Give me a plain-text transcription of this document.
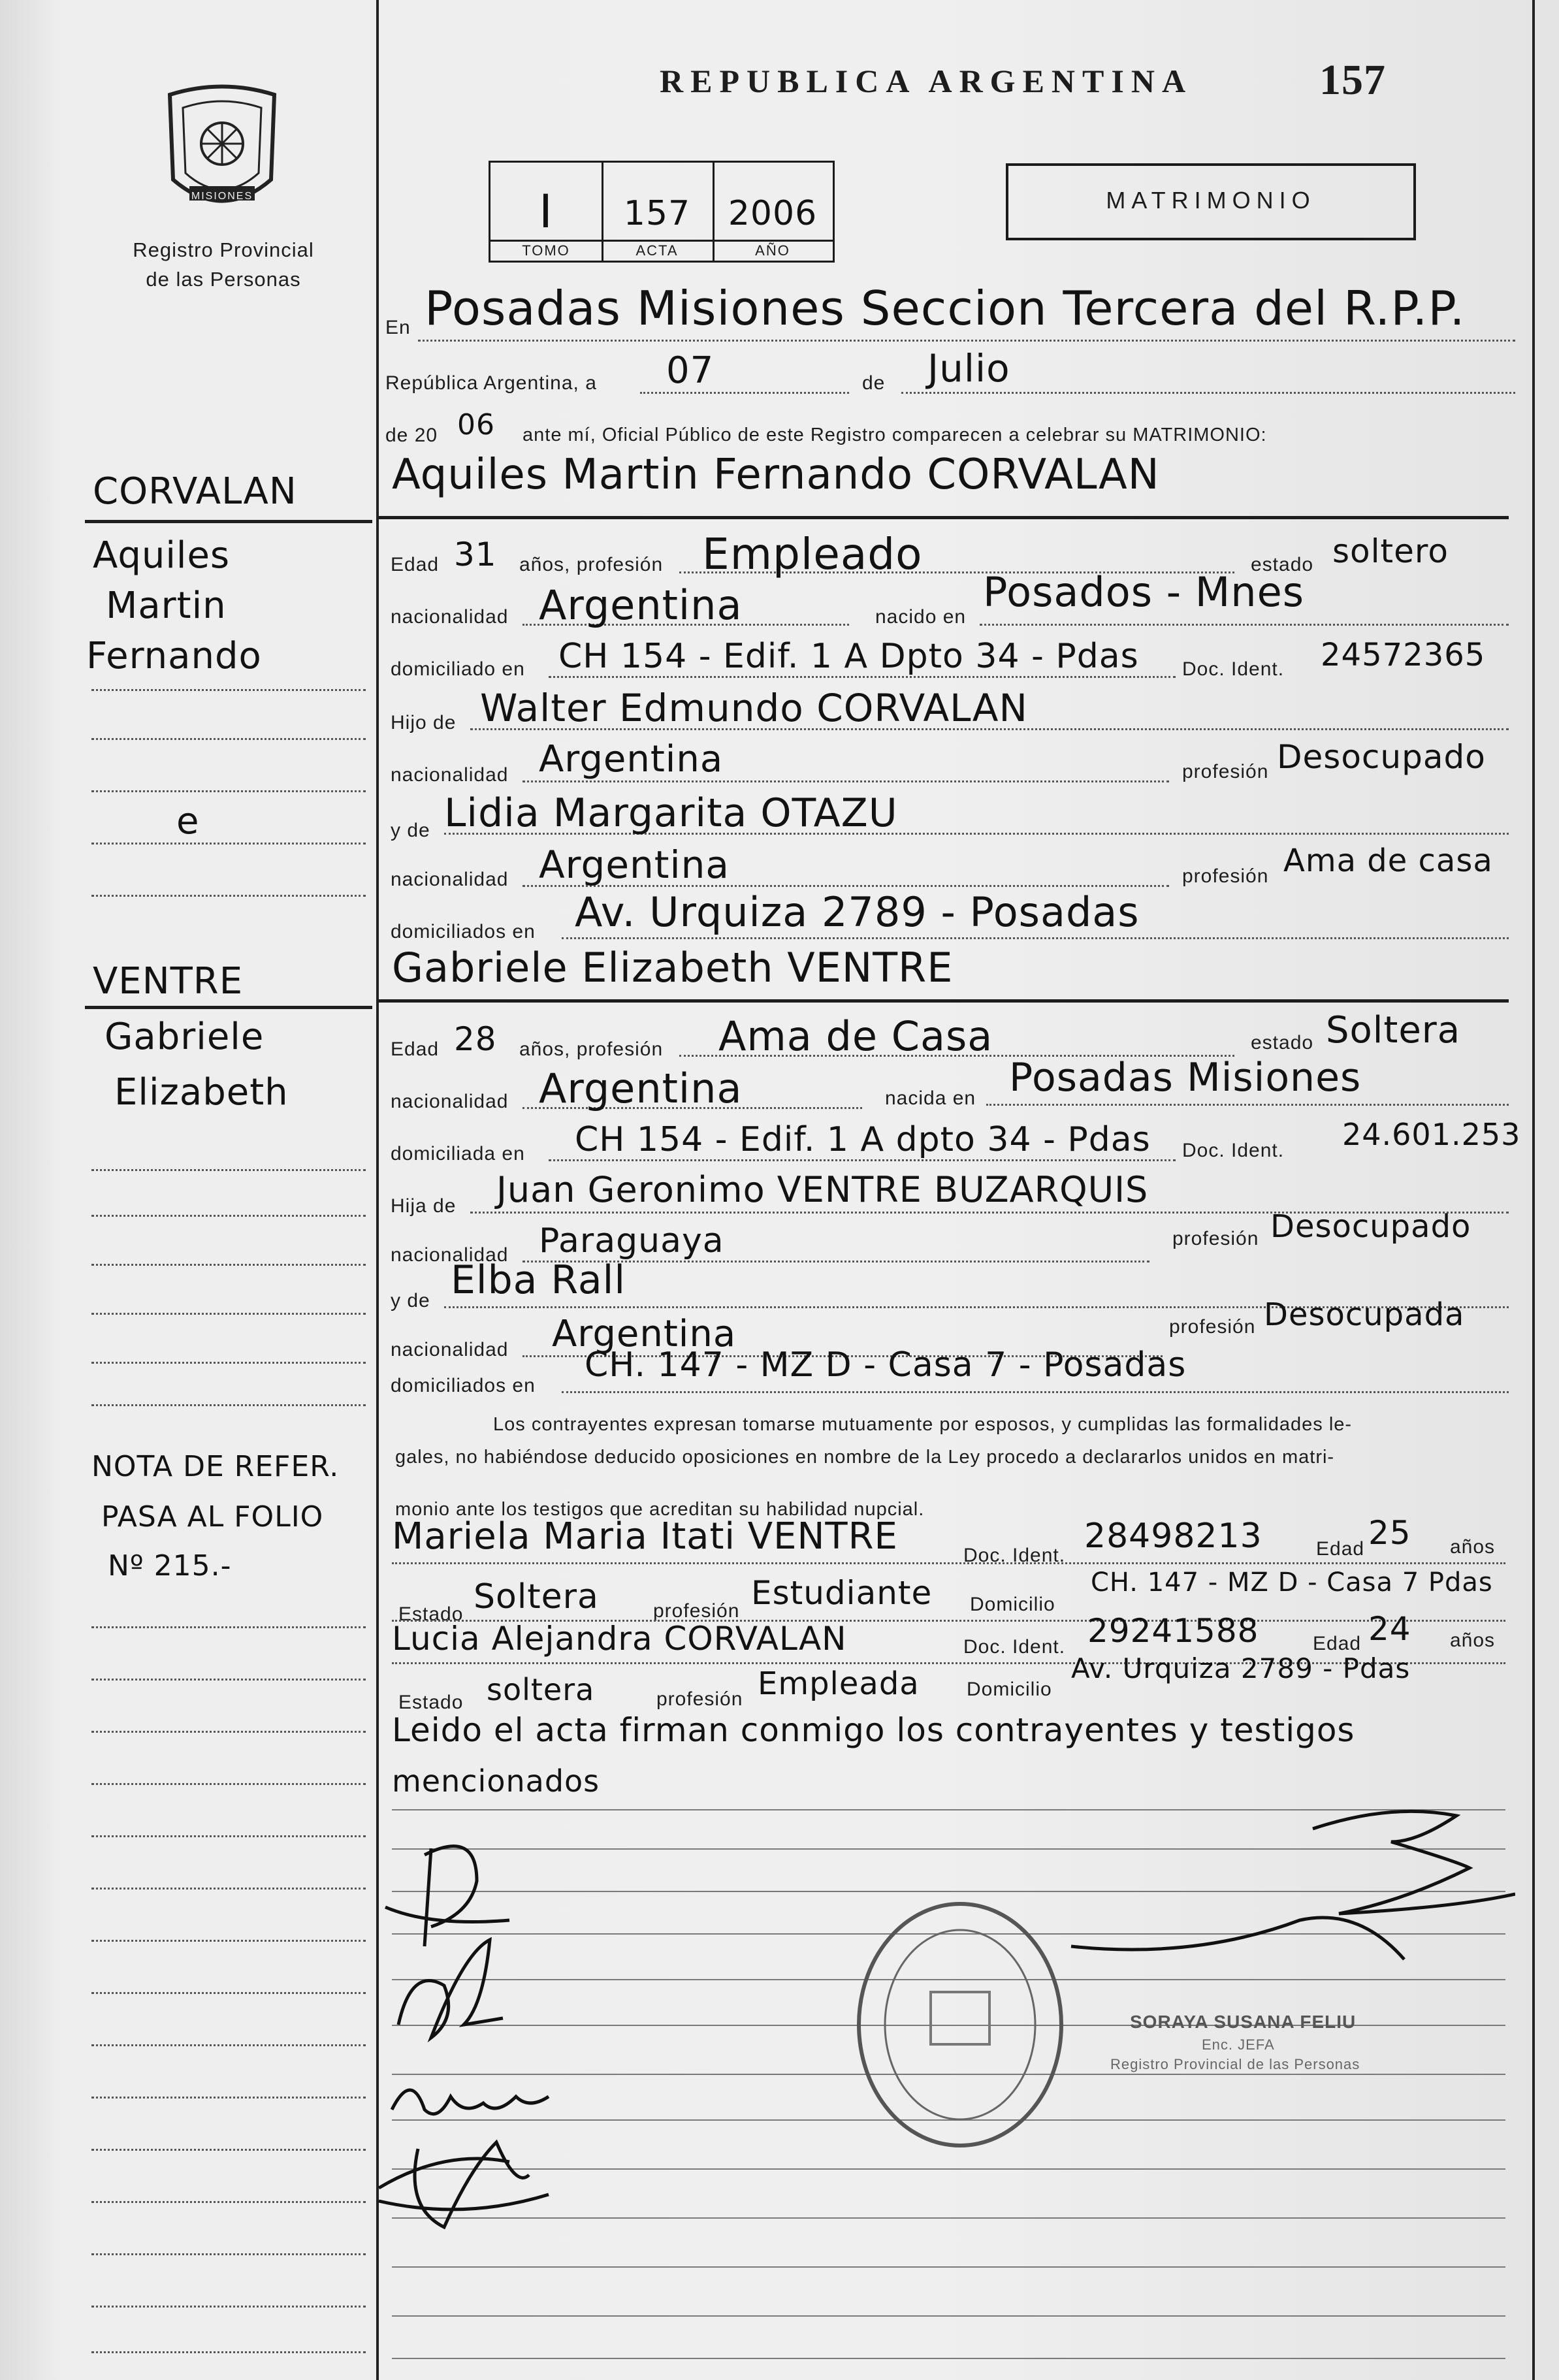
MISIONES
Registro Provincial
de las Personas
REPUBLICA ARGENTINA	157
MATRIMONIO
I	157	2006
TOMO	ACTA	AÑO
En Posadas Misiones Seccion Tercera del R.P.P.
República Argentina, a 07	de Julio
de 20 06 ante mí, Oficial Público de este Registro comparecen a celebrar su MATRIMONIO:
Aquiles Martin Fernando CORVALAN
CORVALAN
Aquiles
Martin
Fernando
e
VENTRE
Gabriele
Elizabeth
NOTA DE REFER.
PASA AL FOLIO
Nº 215.-
Edad 31 años, profesión Empleado	estado soltero
nacionalidad Argentina	nacido en
Posados - Mnes
domiciliado en CH 154 - Edif. 1 A Dpto 34 - Pdas Doc. Ident. 24572365
Hijo de Walter Edmundo CORVALAN
nacionalidad Argentina	profesión Desocupado
y de Lidia Margarita OTAZU
nacionalidad Argentina	profesión Ama de casa
domiciliados en Av. Urquiza 2789 - Posadas
Gabriele Elizabeth VENTRE
Edad 28 años, profesión Ama de Casa	estado Soltera
nacionalidad Argentina	nacida en Posadas Misiones
domiciliada en CH 154 - Edif. 1 A dpto 34 - Pdas Doc. Ident. 24.601.253
Hija de Juan Geronimo VENTRE BUZARQUIS
nacionalidad Paraguaya	profesión Desocupado
y de Elba Rall
nacionalidad Argentina	profesión Desocupada
domiciliados en
CH. 147 - MZ D - Casa 7 - Posadas
Los contrayentes expresan tomarse mutuamente por esposos, y cumplidas las formalidades le-
gales, no habiéndose deducido oposiciones en nombre de la Ley procedo a declararlos unidos en matri-
monio ante los testigos que acreditan su habilidad nupcial.
Mariela Maria Itati VENTRE	Doc. Ident. 28498213	Edad 25 años
Estado Soltera	profesión Estudiante Domicilio
CH. 147 - MZ D - Casa 7 Pdas
Lucia Alejandra CORVALAN	Doc. Ident. 29241588	Edad 24 años
Estado soltera	profesión Empleada Domicilio
Av. Urquiza 2789 - Pdas
Leido el acta firman conmigo los contrayentes y testigos
mencionados
SORAYA SUSANA FELIU
Enc. JEFA
Registro Provincial de las Personas
